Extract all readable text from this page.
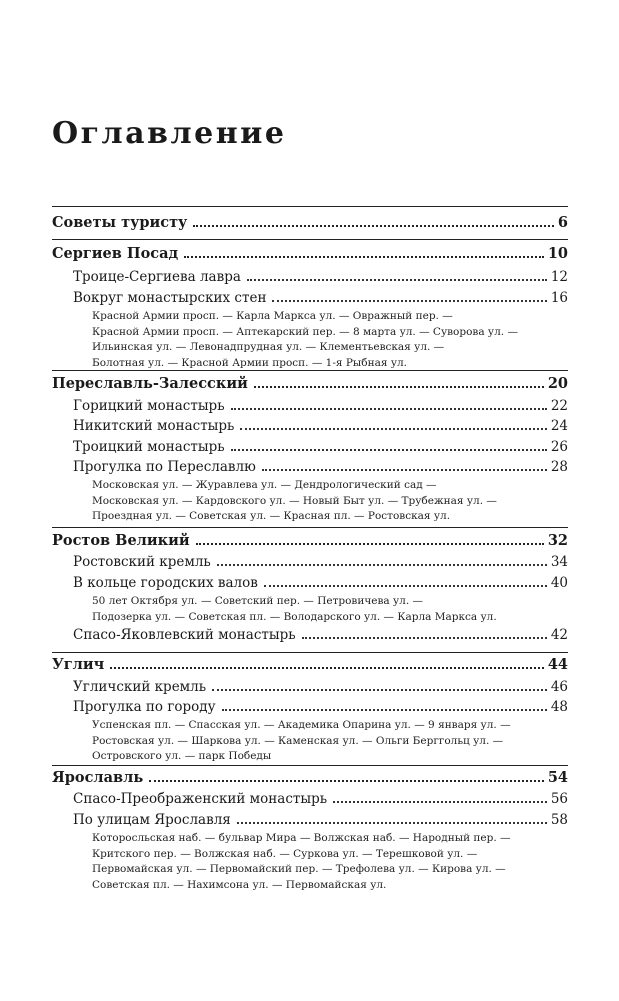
Оглавление
Советы туристу	6
Сергиев Посад	10
Троице-Сергиева лавра	12
Вокруг монастырских стен	16
Красной Армии просп. — Карла Маркса ул. — Овражный пер. —
Красной Армии просп. — Аптекарский пер. — 8 марта ул. — Суворова ул. —
Ильинская ул. — Левонадпрудная ул. — Клементьевская ул. —
Болотная ул. — Красной Армии просп. — 1-я Рыбная ул.
Переславль-Залесский	20
Горицкий монастырь	22
Никитский монастырь	24
Троицкий монастырь	26
Прогулка по Переславлю	28
Московская ул. — Журавлева ул. — Дендрологический сад —
Московская ул. — Кардовского ул. — Новый Быт ул. — Трубежная ул. —
Проездная ул. — Советская ул. — Красная пл. — Ростовская ул.
Ростов Великий	32
Ростовский кремль	34
В кольце городских валов	40
50 лет Октября ул. — Советский пер. — Петровичева ул. —
Подозерка ул. — Советская пл. — Володарского ул. — Карла Маркса ул.
Спасо-Яковлевский монастырь	42
Углич	44
Угличский кремль	46
Прогулка по городу	48
Успенская пл. — Спасская ул. — Академика Опарина ул. — 9 января ул. —
Ростовская ул. — Шаркова ул. — Каменская ул. — Ольги Берггольц ул. —
Островского ул. — парк Победы
Ярославль	54
Спасо-Преображенский монастырь	56
По улицам Ярославля	58
Которосльская наб. — бульвар Мира — Волжская наб. — Народный пер. —
Критского пер. — Волжская наб. — Суркова ул. — Терешковой ул. —
Первомайская ул. — Первомайский пер. — Трефолева ул. — Кирова ул. —
Советская пл. — Нахимсона ул. — Первомайская ул.
